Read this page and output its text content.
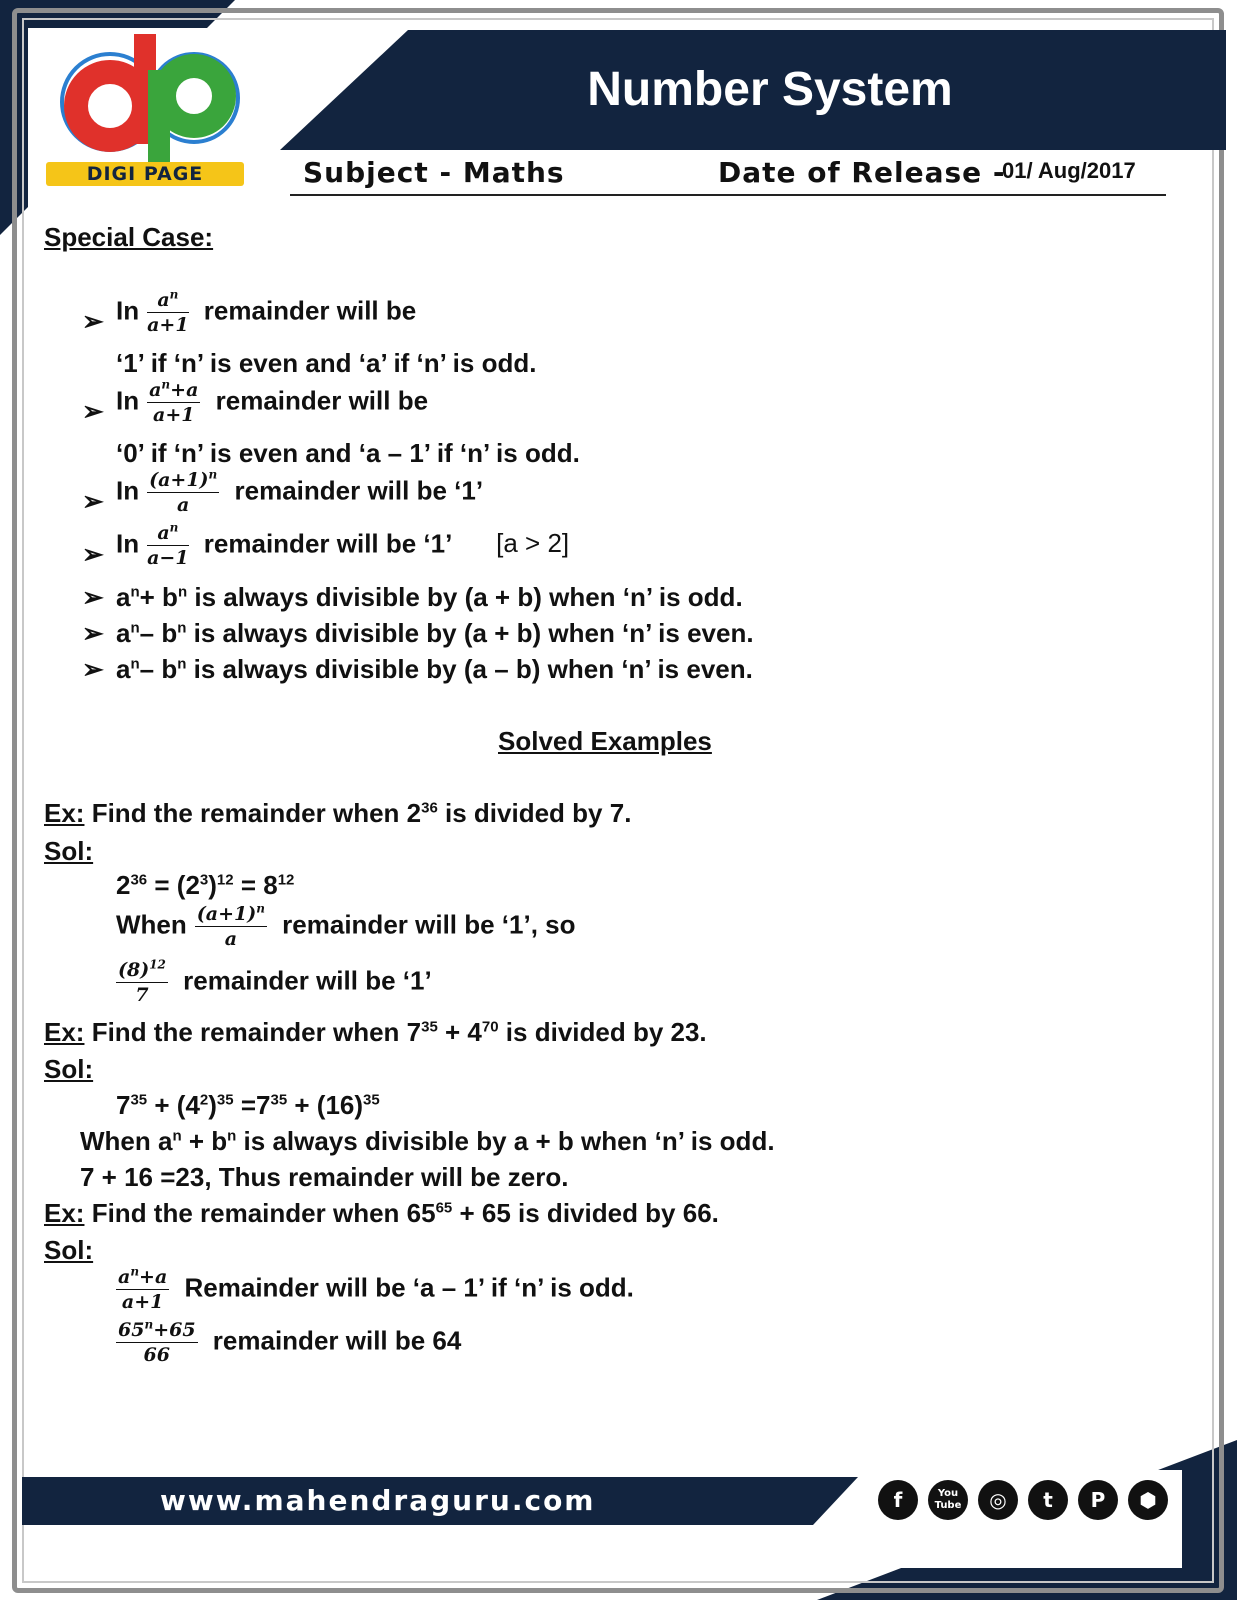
Number System
DIGI PAGE	Subject - Maths	Date of Release -
01/ Aug/2017
Special Case:
➢ In $\frac{a^n}{a+1}$ remainder will be
‘1’ if ‘n’ is even and ‘a’ if ‘n’ is odd.
➢ In $\frac{a^n+a}{a+1}$ remainder will be
‘0’ if ‘n’ is even and ‘a – 1’ if ‘n’ is odd.
➢ In $\frac{(a+1)^n}{a}$ remainder will be ‘1’
➢ In $\frac{a^n}{a-1}$ remainder will be ‘1’ [a > 2]
➢ $a^n+ b^n$ is always divisible by (a + b) when ‘n’ is odd.
➢ $a^n-$ $b^n$ is always divisible by (a + b) when ‘n’ is even.
➢ $a^n-$ $b^n$ is always divisible by (a – b) when ‘n’ is even.
Solved Examples
Ex: Find the remainder when $2^{36}$ is divided by 7.
Sol:
$2^{36} = (2^3)^{12} = 8^{12}$
When $\frac{(a+1)^n}{a}$ remainder will be ‘1’, so
$\frac{(8)^{12}}{7}$ remainder will be ‘1’
Ex: Find the remainder when $7^{35} + 4^{70}$ is divided by 23.
Sol:
$7^{35} + (4^2)^{35} =7^{35} + (16)^{35}$
When $a^n + b^n$ is always divisible by a + b when ‘n’ is odd.
7 + 16 =23, Thus remainder will be zero.
Ex: Find the remainder when $65^{65} + 65$ is divided by 66.
Sol:
$\frac{a^n+a}{a+1}$ Remainder will be ‘a – 1’ if ‘n’ is odd.
$\frac{65^n+65}{66}$ remainder will be 64
www.mahendraguru.com	f	You Tube	◎	t	P	⬢
